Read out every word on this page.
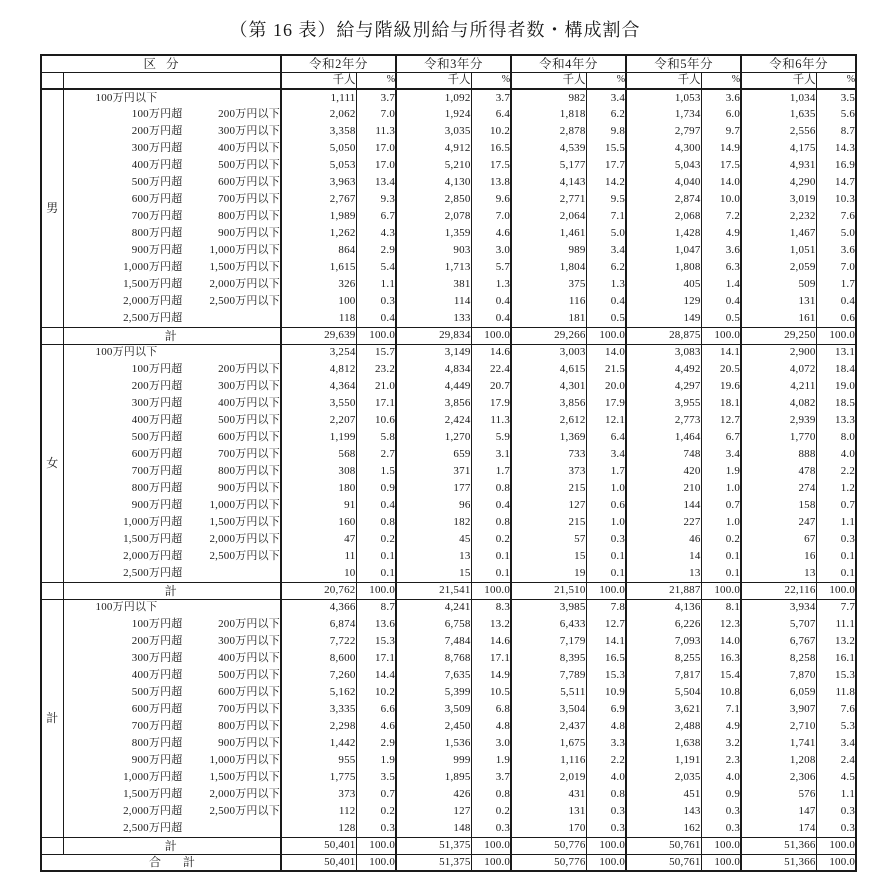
（第 16 表）給与階級別給与所得者数・構成割合
区分		令和2年分		令和3年分		令和4年分		令和5年分		令和6年分	
		千人	%	千人	%	千人	%	千人	%	千人	%
男	100万円以下	1,111	3.7	1,092	3.7	982	3.4	1,053	3.6	1,034	3.5

	100万円超 200万円以下	2,062	7.0	1,924	6.4	1,818	6.2	1,734	6.0	1,635	5.6

	200万円超 300万円以下	3,358	11.3	3,035	10.2	2,878	9.8	2,797	9.7	2,556	8.7

	300万円超 400万円以下	5,050	17.0	4,912	16.5	4,539	15.5	4,300	14.9	4,175	14.3

	400万円超 500万円以下	5,053	17.0	5,210	17.5	5,177	17.7	5,043	17.5	4,931	16.9

	500万円超 600万円以下	3,963	13.4	4,130	13.8	4,143	14.2	4,040	14.0	4,290	14.7

	600万円超 700万円以下	2,767	9.3	2,850	9.6	2,771	9.5	2,874	10.0	3,019	10.3

	700万円超 800万円以下	1,989	6.7	2,078	7.0	2,064	7.1	2,068	7.2	2,232	7.6

	800万円超 900万円以下	1,262	4.3	1,359	4.6	1,461	5.0	1,428	4.9	1,467	5.0

	900万円超 1,000万円以下	864	2.9	903	3.0	989	3.4	1,047	3.6	1,051	3.6

	1,000万円超 1,500万円以下	1,615	5.4	1,713	5.7	1,804	6.2	1,808	6.3	2,059	7.0

	1,500万円超 2,000万円以下	326	1.1	381	1.3	375	1.3	405	1.4	509	1.7

	2,000万円超 2,500万円以下	100	0.3	114	0.4	116	0.4	129	0.4	131	0.4

	2,500万円超	118	0.4	133	0.4	181	0.5	149	0.5	161	0.6
	計	29,639	100.0	29,834	100.0	29,266	100.0	28,875	100.0	29,250	100.0
女	100万円以下	3,254	15.7	3,149	14.6	3,003	14.0	3,083	14.1	2,900	13.1

	100万円超 200万円以下	4,812	23.2	4,834	22.4	4,615	21.5	4,492	20.5	4,072	18.4

	200万円超 300万円以下	4,364	21.0	4,449	20.7	4,301	20.0	4,297	19.6	4,211	19.0

	300万円超 400万円以下	3,550	17.1	3,856	17.9	3,856	17.9	3,955	18.1	4,082	18.5

	400万円超 500万円以下	2,207	10.6	2,424	11.3	2,612	12.1	2,773	12.7	2,939	13.3

	500万円超 600万円以下	1,199	5.8	1,270	5.9	1,369	6.4	1,464	6.7	1,770	8.0

	600万円超 700万円以下	568	2.7	659	3.1	733	3.4	748	3.4	888	4.0

	700万円超 800万円以下	308	1.5	371	1.7	373	1.7	420	1.9	478	2.2

	800万円超 900万円以下	180	0.9	177	0.8	215	1.0	210	1.0	274	1.2

	900万円超 1,000万円以下	91	0.4	96	0.4	127	0.6	144	0.7	158	0.7

	1,000万円超 1,500万円以下	160	0.8	182	0.8	215	1.0	227	1.0	247	1.1

	1,500万円超 2,000万円以下	47	0.2	45	0.2	57	0.3	46	0.2	67	0.3

	2,000万円超 2,500万円以下	11	0.1	13	0.1	15	0.1	14	0.1	16	0.1

	2,500万円超	10	0.1	15	0.1	19	0.1	13	0.1	13	0.1
	計	20,762	100.0	21,541	100.0	21,510	100.0	21,887	100.0	22,116	100.0
計	100万円以下	4,366	8.7	4,241	8.3	3,985	7.8	4,136	8.1	3,934	7.7

	100万円超 200万円以下	6,874	13.6	6,758	13.2	6,433	12.7	6,226	12.3	5,707	11.1

	200万円超 300万円以下	7,722	15.3	7,484	14.6	7,179	14.1	7,093	14.0	6,767	13.2

	300万円超 400万円以下	8,600	17.1	8,768	17.1	8,395	16.5	8,255	16.3	8,258	16.1

	400万円超 500万円以下	7,260	14.4	7,635	14.9	7,789	15.3	7,817	15.4	7,870	15.3

	500万円超 600万円以下	5,162	10.2	5,399	10.5	5,511	10.9	5,504	10.8	6,059	11.8

	600万円超 700万円以下	3,335	6.6	3,509	6.8	3,504	6.9	3,621	7.1	3,907	7.6

	700万円超 800万円以下	2,298	4.6	2,450	4.8	2,437	4.8	2,488	4.9	2,710	5.3

	800万円超 900万円以下	1,442	2.9	1,536	3.0	1,675	3.3	1,638	3.2	1,741	3.4

	900万円超 1,000万円以下	955	1.9	999	1.9	1,116	2.2	1,191	2.3	1,208	2.4

	1,000万円超 1,500万円以下	1,775	3.5	1,895	3.7	2,019	4.0	2,035	4.0	2,306	4.5

	1,500万円超 2,000万円以下	373	0.7	426	0.8	431	0.8	451	0.9	576	1.1

	2,000万円超 2,500万円以下	112	0.2	127	0.2	131	0.3	143	0.3	147	0.3

	2,500万円超	128	0.3	148	0.3	170	0.3	162	0.3	174	0.3
	計	50,401	100.0	51,375	100.0	50,776	100.0	50,761	100.0	51,366	100.0
合計		50,401	100.0	51,375	100.0	50,776	100.0	50,761	100.0	51,366	100.0
